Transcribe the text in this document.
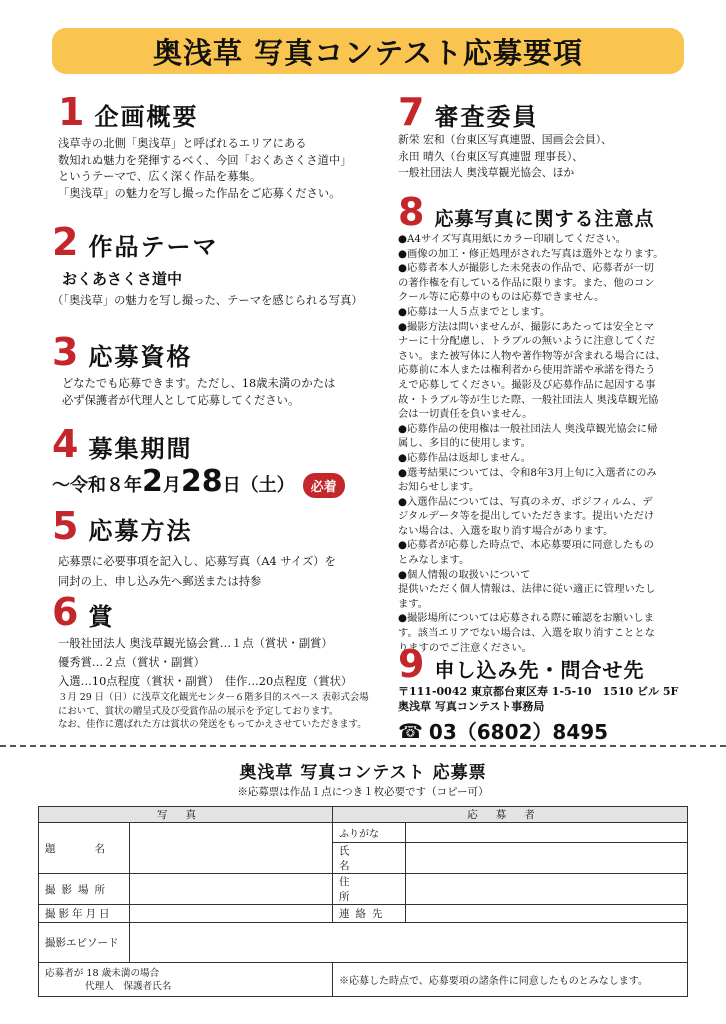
奥浅草 写真コンテスト応募要項
1 企画概要
浅草寺の北側「奥浅草」と呼ばれるエリアにある
数知れぬ魅力を発揮するべく、今回「おくあさくさ道中」
というテーマで、広く深く作品を募集。
「奥浅草」の魅力を写し撮った作品をご応募ください。
2 作品テーマ
おくあさくさ道中
（「奥浅草」の魅力を写し撮った、テーマを感じられる写真）
3 応募資格
どなたでも応募できます。ただし、18歳未満のかたは
必ず保護者が代理人として応募してください。
4 募集期間
〜令和８年 2 月 28 日（土）	必着
5 応募方法
応募票に必要事項を記入し、応募写真（A4 サイズ）を
同封の上、申し込み先へ郵送または持参
6 賞
一般社団法人 奥浅草観光協会賞…１点（賞状・副賞）
優秀賞…２点（賞状・副賞）
入選…10点程度（賞状・副賞）　佳作…20点程度（賞状）
３月 29 日（日）に浅草文化観光センター６階多目的スペース 表彰式会場
において、賞状の贈呈式及び受賞作品の展示を予定しております。
なお、佳作に選ばれた方は賞状の発送をもってかえさせていただきます。
7 審査委員
新栄 宏和（台東区写真連盟、国画会会員）、
永田 晴久（台東区写真連盟 理事長）、
一般社団法人 奥浅草観光協会、ほか
8 応募写真に関する注意点
●A4サイズ写真用紙にカラー印刷してください。
●画像の加工・修正処理がされた写真は選外となります。
●応募者本人が撮影した未発表の作品で、応募者が一切
の著作権を有している作品に限ります。また、他のコン
クール等に応募中のものは応募できません。
●応募は一人５点までとします。
●撮影方法は問いませんが、撮影にあたっては安全とマ
ナーに十分配慮し、トラブルの無いように注意してくだ
さい。また被写体に人物や著作物等が含まれる場合には、
応募前に本人または権利者から使用許諾や承諾を得たう
えで応募してください。撮影及び応募作品に起因する事
故・トラブル等が生じた際、一般社団法人 奥浅草観光協
会は一切責任を負いません。
●応募作品の使用権は一般社団法人 奥浅草観光協会に帰
属し、多目的に使用します。
●応募作品は返却しません。
●選考結果については、令和8年3月上旬に入選者にのみ
お知らせします。
●入選作品については、写真のネガ、ポジフィルム、デ
ジタルデータ等を提出していただきます。提出いただけ
ない場合は、入選を取り消す場合があります。
●応募者が応募した時点で、本応募要項に同意したもの
とみなします。
●個人情報の取扱いについて
提供いただく個人情報は、法律に従い適正に管理いたし
ます。
●撮影場所については応募される際に確認をお願いしま
す。該当エリアでない場合は、入選を取り消すこととな
りますのでご注意ください。
9 申し込み先・問合せ先
〒111-0042 東京都台東区寿 1-5-10　1510 ビル 5F
奥浅草 写真コンテスト事務局
☎ 03（6802）8495
奥浅草 写真コンテスト 応募票
※応募票は作品１点につき１枚必要です（コピー可）
写真		応募者	
題　　名		ふりがな	
		氏　　名	
撮影場所		住　　所	
撮影年月日		連絡先	
撮影エピソード			

応募者が 18 歳未満の場合
代理人　保護者氏名		※応募した時点で、応募要項の諸条件に同意したものとみなします。	
